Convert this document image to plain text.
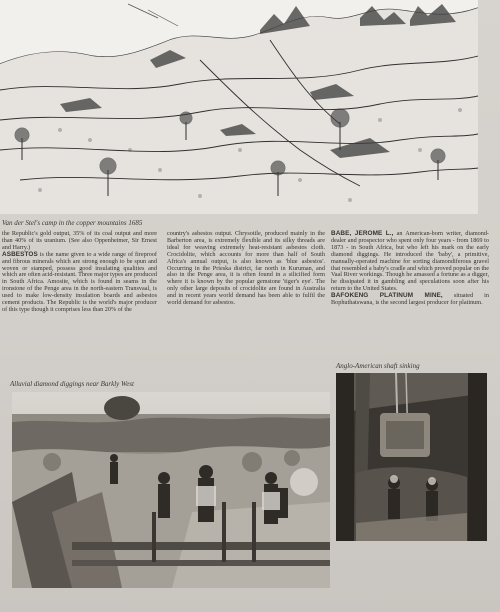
Van der Stel's camp in the copper mountains 1685

the Republic's gold output, 35% of its coal output and more than 40% of its uranium. (See also Oppenheimer, Sir Ernest and Harry.)

ASBESTOS is the name given to a wide range of fireproof and fibrous minerals which are strong enough to be spun and woven or stamped, possess good insulating qualities and which are often acid-resistant. Three major types are produced in South Africa. Amosite, which is found in seams in the ironstone of the Penge area in the north-eastern Transvaal, is used to make low-density insulation boards and asbestos cement products. The Republic is the world's major producer of this type though it comprises less than 20% of the

country's asbestos output. Chrysotile, produced mainly in the Barberton area, is extremely flexible and its silky threads are ideal for weaving extremely heat-resistant asbestos cloth. Crocidolite, which accounts for more than half of South Africa's annual output, is also known as 'blue asbestos'. Occurring in the Prieska district, far north in Kuruman, and also in the Penge area, it is often found in a silicified form where it is known by the popular gemstone 'tiger's eye'. The only other large deposits of crocidolite are found in Australia and in recent years world demand has been able to fulfil the world demand for asbestos.

BABE, JEROME L., an American-born writer, diamond-dealer and prospector who spent only four years - from 1869 to 1873 - in South Africa, but who left his mark on the early diamond diggings. He introduced the 'baby', a primitive, manually-operated machine for sorting diamondiferous gravel that resembled a baby's cradle and which proved popular on the Vaal River workings. Though he amassed a fortune as a digger, he dissipated it in gambling and speculations soon after his return to the United States.

BAFOKENG PLATINUM MINE, situated in Bophuthatswana, is the second largest producer for platinum.

Alluvial diamond diggings near Barkly West
Anglo-American shaft sinking
